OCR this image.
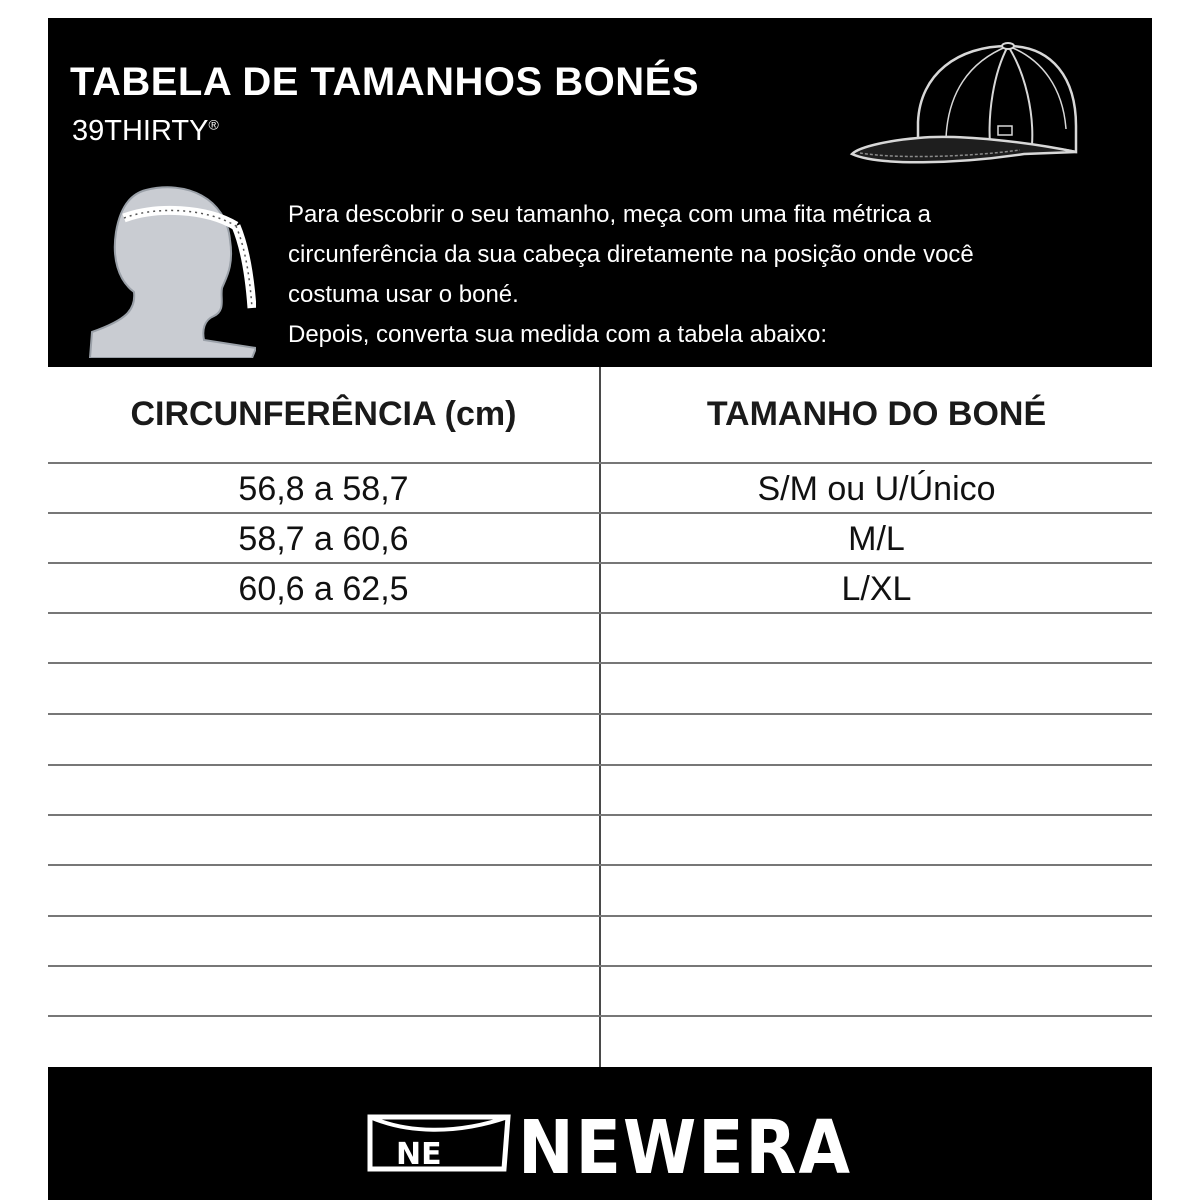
TABELA DE TAMANHOS BONÉS
39THIRTY®

Para descobrir o seu tamanho, meça com uma fita métrica a

circunferência da sua cabeça diretamente na posição onde você

costuma usar o boné.

Depois, converta sua medida com a tabela abaixo:

CIRCUNFERÊNCIA (cm)	TAMANHO DO BONÉ
56,8 a 58,7	S/M ou U/Único
58,7 a 60,6	M/L
60,6 a 62,5	L/XL
NE NEWERA
